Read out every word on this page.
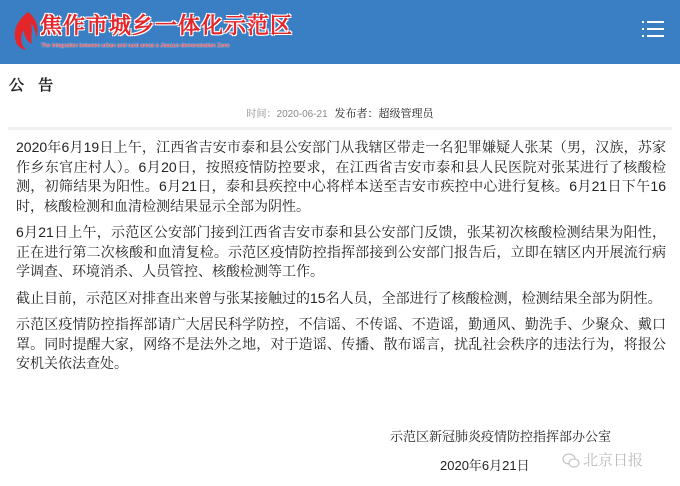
焦作市城乡一体化示范区
The integration between urban and rural areas a Jiaozuo demonstration Zone
公 告
时间：2020-06-21 发布者：超级管理员

2020年6月19日上午，江西省吉安市泰和县公安部门从我辖区带走一名犯罪嫌疑人张某（男，汉族，苏家作乡东官庄村人）。6月20日，按照疫情防控要求，在江西省吉安市泰和县人民医院对张某进行了核酸检测，初筛结果为阳性。6月21日，泰和县疾控中心将样本送至吉安市疾控中心进行复核。6月21日下午16时，核酸检测和血清检测结果显示全部为阴性。

6月21日上午，示范区公安部门接到江西省吉安市泰和县公安部门反馈，张某初次核酸检测结果为阳性，正在进行第二次核酸和血清复检。示范区疫情防控指挥部接到公安部门报告后，立即在辖区内开展流行病学调查、环境消杀、人员管控、核酸检测等工作。

截止目前，示范区对排查出来曾与张某接触过的15名人员，全部进行了核酸检测，检测结果全部为阴性。

示范区疫情防控指挥部请广大居民科学防控，不信谣、不传谣、不造谣，勤通风、勤洗手、少聚众、戴口罩。同时提醒大家，网络不是法外之地，对于造谣、传播、散布谣言，扰乱社会秩序的违法行为，将报公安机关依法查处。

示范区新冠肺炎疫情防控指挥部办公室
2020年6月21日	北京日报
